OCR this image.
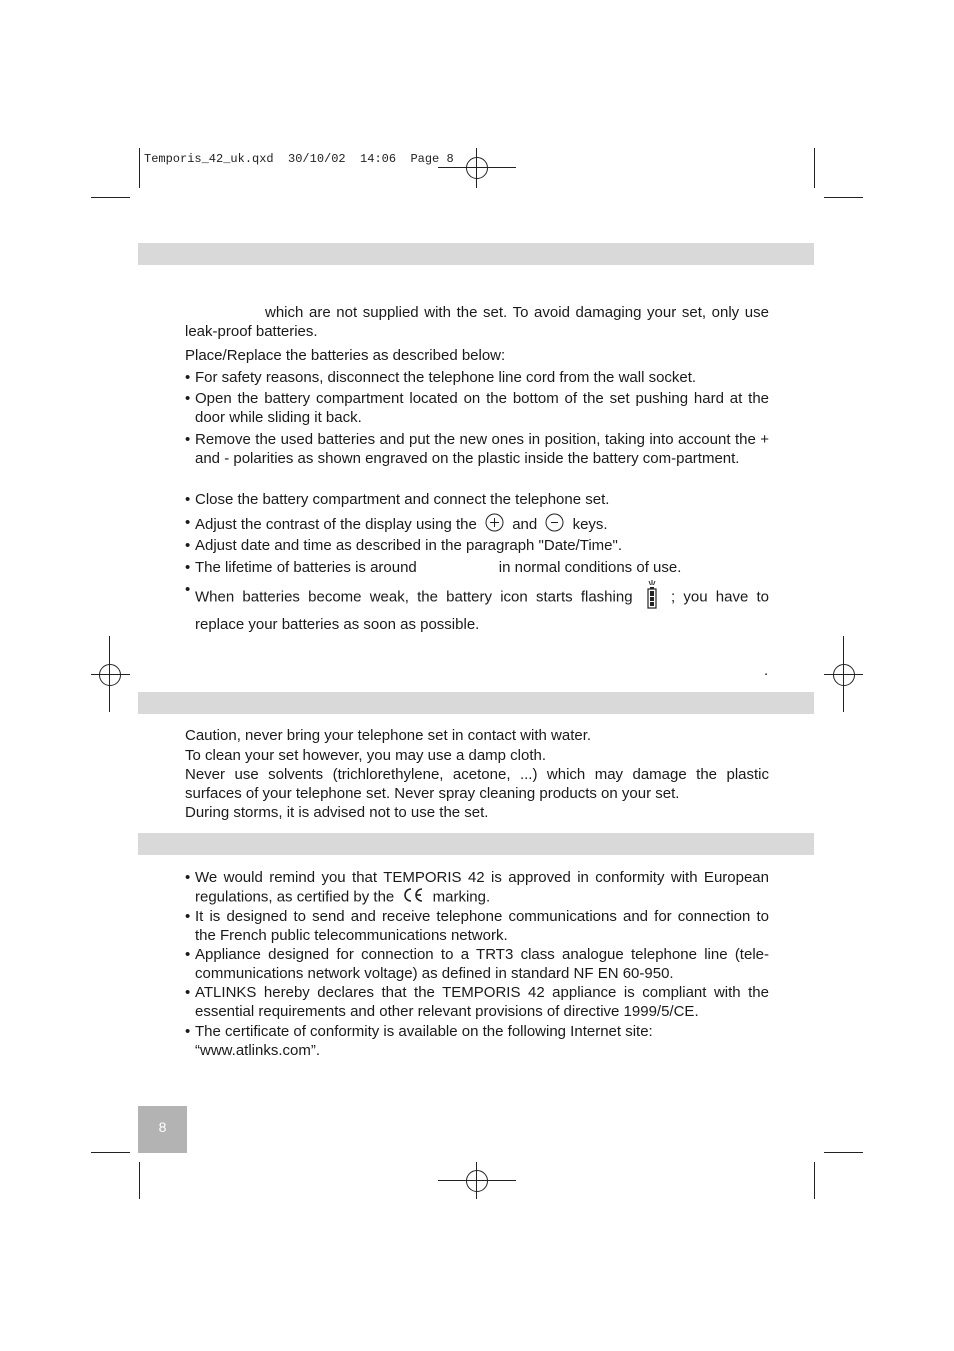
Temporis_42_uk.qxd  30/10/02  14:06  Page 8
which are not supplied with the set. To avoid damaging your set, only use leak-proof batteries.
Place/Replace the batteries as described below:
• For safety reasons, disconnect the telephone line cord from the wall socket.
• Open the battery compartment located on the bottom of the set pushing hard at the door while sliding it back.
• Remove the used batteries and put the new ones in position, taking into account the + and - polarities as shown engraved on the plastic inside the battery com-partment.
• Close the battery compartment and connect the telephone set.
• Adjust the contrast of the display using the and keys.
• Adjust date and time as described in the paragraph "Date/Time".
• The lifetime of batteries is around	in normal conditions of use.
• When batteries become weak, the battery icon starts flashing	; you have to replace your batteries as soon as possible.
.
Caution, never bring your telephone set in contact with water.
To clean your set however, you may use a damp cloth.
Never use solvents (trichlorethylene, acetone, ...) which may damage the plastic surfaces of your telephone set. Never spray cleaning products on your set.
During storms, it is advised not to use the set.
• We would remind you that TEMPORIS 42 is approved in conformity with European regulations, as certified by the	marking.
• It is designed to send and receive telephone communications and for connection to the French public telecommunications network.
• Appliance designed for connection to a TRT3 class analogue telephone line (tele-communications network voltage) as defined in standard NF EN 60-950.
• ATLINKS hereby declares that the TEMPORIS 42 appliance is compliant with the essential requirements and other relevant provisions of directive 1999/5/CE.
• The certificate of conformity is available on the following Internet site: “www.atlinks.com”.
8
